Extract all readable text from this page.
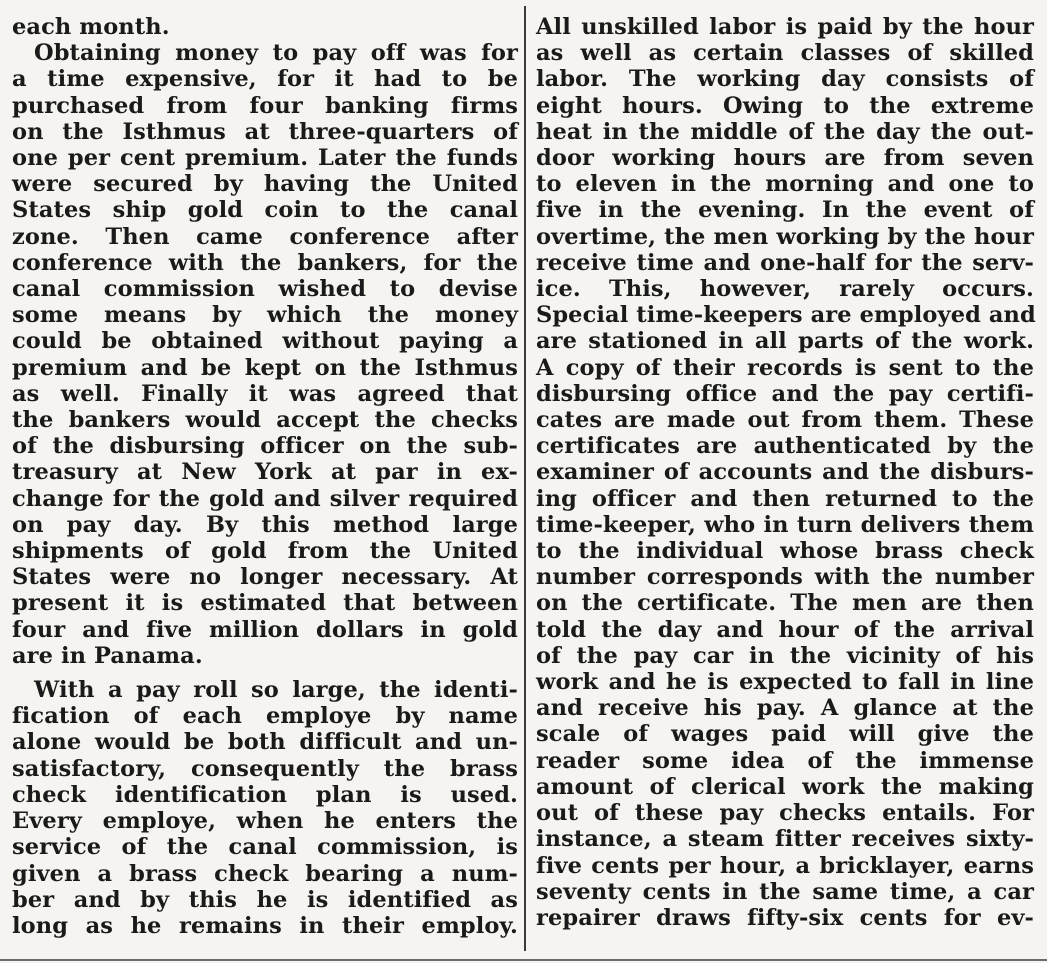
each month.
Obtaining money to pay off was for
a time expensive, for it had to be
purchased from four banking firms
on the Isthmus at three-quarters of
one per cent premium. Later the funds
were secured by having the United
States ship gold coin to the canal
zone. Then came conference after
conference with the bankers, for the
canal commission wished to devise
some means by which the money
could be obtained without paying a
premium and be kept on the Isthmus
as well. Finally it was agreed that
the bankers would accept the checks
of the disbursing officer on the sub-
treasury at New York at par in ex-
change for the gold and silver required
on pay day. By this method large
shipments of gold from the United
States were no longer necessary. At
present it is estimated that between
four and five million dollars in gold
are in Panama.
With a pay roll so large, the identi-
fication of each employe by name
alone would be both difficult and un-
satisfactory, consequently the brass
check identification plan is used.
Every employe, when he enters the
service of the canal commission, is
given a brass check bearing a num-
ber and by this he is identified as
long as he remains in their employ.
All unskilled labor is paid by the hour
as well as certain classes of skilled
labor. The working day consists of
eight hours. Owing to the extreme
heat in the middle of the day the out-
door working hours are from seven
to eleven in the morning and one to
five in the evening. In the event of
overtime, the men working by the hour
receive time and one-half for the serv-
ice. This, however, rarely occurs.
Special time-keepers are employed and
are stationed in all parts of the work.
A copy of their records is sent to the
disbursing office and the pay certifi-
cates are made out from them. These
certificates are authenticated by the
examiner of accounts and the disburs-
ing officer and then returned to the
time-keeper, who in turn delivers them
to the individual whose brass check
number corresponds with the number
on the certificate. The men are then
told the day and hour of the arrival
of the pay car in the vicinity of his
work and he is expected to fall in line
and receive his pay. A glance at the
scale of wages paid will give the
reader some idea of the immense
amount of clerical work the making
out of these pay checks entails. For
instance, a steam fitter receives sixty-
five cents per hour, a bricklayer, earns
seventy cents in the same time, a car
repairer draws fifty-six cents for ev-
